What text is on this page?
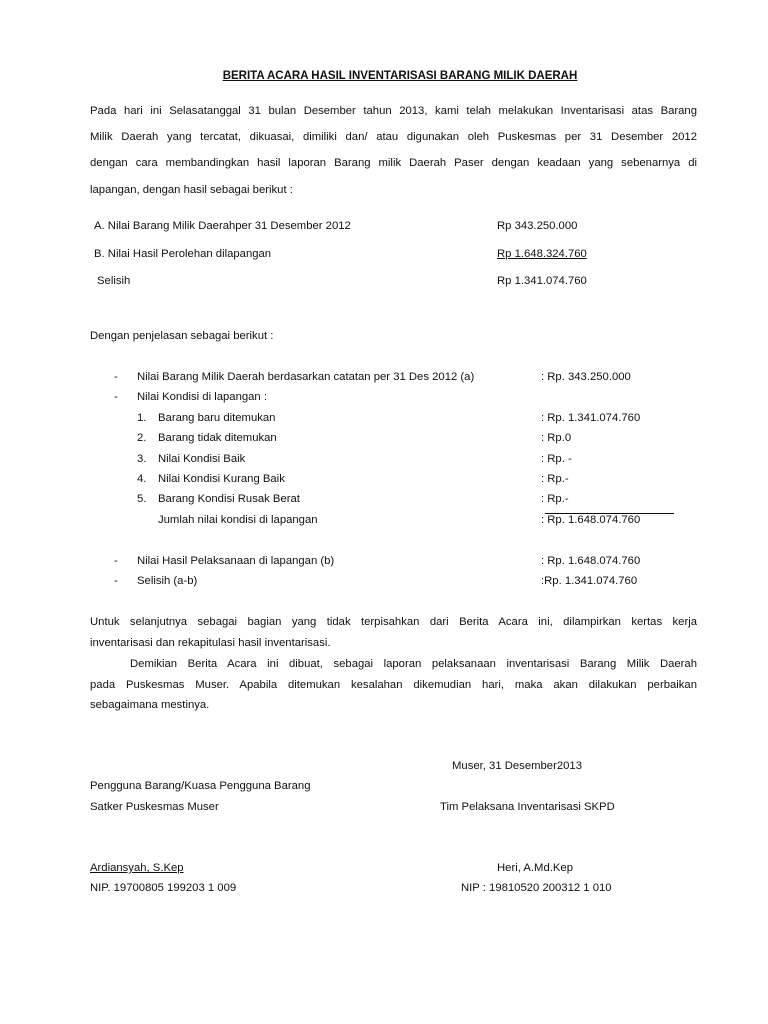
BERITA ACARA HASIL INVENTARISASI BARANG MILIK DAERAH
Pada hari ini Selasatanggal 31 bulan Desember tahun 2013, kami telah melakukan Inventarisasi atas Barang
Milik Daerah yang tercatat, dikuasai, dimiliki dan/ atau digunakan oleh Puskesmas per 31 Desember 2012
dengan cara membandingkan hasil laporan Barang milik Daerah Paser dengan keadaan yang sebenarnya di
lapangan, dengan hasil sebagai berikut :
A. Nilai Barang Milik Daerahper 31 Desember 2012	Rp 343.250.000
B. Nilai Hasil Perolehan dilapangan	Rp 1.648.324.760
Selisih	Rp 1.341.074.760
Dengan penjelasan sebagai berikut :
- Nilai Barang Milik Daerah berdasarkan catatan per 31 Des 2012 (a)	: Rp. 343.250.000
- Nilai Kondisi di lapangan :
1. Barang baru ditemukan	: Rp. 1.341.074.760
2. Barang tidak ditemukan	: Rp.0
3. Nilai Kondisi Baik	: Rp. -
4. Nilai Kondisi Kurang Baik	: Rp.-
5. Barang Kondisi Rusak Berat	: Rp.-
Jumlah nilai kondisi di lapangan	: Rp. 1.648.074.760
- Nilai Hasil Pelaksanaan di lapangan (b)	: Rp. 1.648.074.760
- Selisih (a-b)	:Rp. 1.341.074.760
Untuk selanjutnya sebagai bagian yang tidak terpisahkan dari Berita Acara ini, dilampirkan kertas kerja
inventarisasi dan rekapitulasi hasil inventarisasi.
Demikian Berita Acara ini dibuat, sebagai laporan pelaksanaan inventarisasi Barang Milik Daerah
pada Puskesmas Muser. Apabila ditemukan kesalahan dikemudian hari, maka akan dilakukan perbaikan
sebagaimana mestinya.
Muser, 31 Desember2013
Pengguna Barang/Kuasa Pengguna Barang
Satker Puskesmas Muser	Tim Pelaksana Inventarisasi SKPD
Ardiansyah, S.Kep	Heri, A.Md.Kep
NIP. 19700805 199203 1 009	NIP : 19810520 200312 1 010
